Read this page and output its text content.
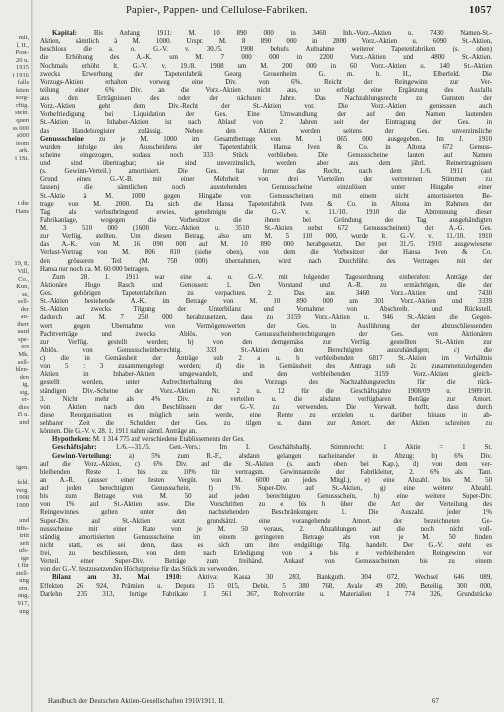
mit,
l, II.,
Post-
20 u.
1915
i 1916
falls
ktien
sorg-
rftig.
stein.
quen
ss 000
s000
ieom
ark.
t 1St.
t die
Hans
19, 8,
Vill,
Co.,
Kun,
se,
sell-
der
au-
ibert
uard
spe-
ers
Mk.
sell-
hlen-
den
ig,
sig,
er-
dies
i5 u.
und
igen.
feld.
verg.
1908
1909
und
tifts-
tritt
seit
ufs-
ige
t für
stell-
ung
ern.
ung,
917,
ung
Papier-, Pappen- und Cellulose-Fabriken.	1057
Kapital: Bis Anfang 1911: M. 10 890 000 in 3460 Inh.-Vorz.-Aktien u. 7430 Namen-St.-
Aktien, sämtlich à M. 1000. Urspr. M. 8 890 000 in 2800 Vorz.-Aktien u. 6090 St.-Aktien,
beschloss die a. o. G.-V. v. 30./5. 1908 behufs Aufnahme weiterer Tapetenfabriken (s. oben)
die Erhöhung des A.-K. um M. 7 000 000 in 2200 Vorz.-Aktien und 4800 St.-Aktien.
Nochmals erhöht lt. G.-V. v. 19./8. 1908 um M. 200 000 in 60 Vorz.-Aktien u. 140 St.-Aktien
zwecks Erwerbung der Tapetenfabrik Georg Grosenheim G. m. b. H., Elberfeld. Die
Vorzugs-Aktien erhalten vorweg eine Div. von 6%. Reicht der Reingewinn zur Ver-
teilung einer 6% Div. an die Vorz.-Aktien nicht aus, so erfolgt eine Ergänzung des Ausfalls
aus den Erträgnissen des oder der nächsten Jahre. Das Nachzahlungsrecht zu Gunsten der
Vorz.-Aktien geht dem Div.-Recht der St.-Aktien vor. Die Vorz.-Aktien geniessen auch
Vorbefriedigung bei Liquidation der Ges. Eine Umwandlung der auf den Namen lautenden
St.-Aktien in Inhaber-Aktien ist nach Ablauf von 2 Jahren seit der Eintragung der Ges. in
das Handelsregister zulässig. Neben den Aktien werden seitens der Ges. unverzinsliche
Genussscheine zu je M. 1000 im Gesamtbetrage von M. 1 065 000 ausgegeben. Im J. 1910
wurden infolge des Ausscheidens der Tapetenfabrik Hansa Iven & Co. in Altona 672 Genuss-
scheine eingezogen, sodass noch 333 Stück verblieben. Die Genussscheine lauten auf Namen
und sind übertragbar; sie sind unverzinslich, werden aber aus dem jährl. Reinertragnissen
(s. Gewinn-Verteil.) amortisiert. Die Ges. hat ferner das Recht, nach dem 1./6. 1911 (auf
Grund eines G.-V.-B. mit einer Mehrheit von drei Vierteilen der vertretenen Stimmen zu
fassen) die sämtlichen noch ausstehenden Genussscheine einzulösen unter Hingabe einer
St.-Aktie à M. 1000 gegen Hingabe von Genussscheinen mit einem nicht amortisierten Be-
trage von M. 2000. Da sich die Hansa Tapetenfabrik Iven & Co. in Altona im Rahmen der
Tag als verlustbringend erwies, genehmigte die G.-V. v. 11./10. 1910 die Abtrennung dieser
Fabrikanlage, wogegen die Vorbesitzer die ihnen bei Gründung der Tag ausgehändigten
M. 3 510 000 (1600 Vorz.-Aktien u. 3510 St.-Aktien nebst 672 Genussscheinen) der A.-G. Ges.
zur Verfüg. stellten. Um diesen Betrag, also um M. 5 110 000, wurde lt. G.-V. v. 11./10. 1910
das A.-K. von M. 16 090 000 auf M. 10 890 000 herabgesetzt. Der per 31./5. 1910 ausgewiesene
Verlust-Vortrag von M. 806 810 (siehe oben), von dem die Vorbesitzer der Hansa Iven & Co.
den grösseren Teil (M. 750 000) übernahmen, wird nach Durchführ. des Vertrages mit der
Hansa nur noch ca. M. 60 000 betragen.
Zum 28. 1. 1911 war eine a. o. G.-V. mit folgender Tagesordnung einberufen: Anträge der
Aktionäre Hugo Rasch und Genossen: 1. Den Vorstand und A.-R. zu ermächtigen, die der
Ges. gehörigen Tapetenfabriken zu verpachten. 2. Das aus 3460 Vorz.-Aktien und 7430
St.-Aktien bestehende A.-K. im Betrage von M. 10 890 000 um 301 Vorz.-Aktien und 3339
St.-Aktien zwecks Tilgung der Unterbilanz und Vornahme von Abschreib. und Rückstell.
dadurch auf M. 7 250 000 herabzusetzen, dass zu 3159 Vorz.-Aktien u. 946 St.-Aktien die Gegen-
wert gegen Übernahme von Vermögenswerten der Ges. in Ausführung der abzuschliessenden
Pachtverträge und zwecks Ablös. von Genussscheinberechtigungen der Ges. von Aktionären
zur Verfüg. gestellt werden; b) von den demgemäss zur Verfüg. gestellten St.-Aktien zur
Ablös. von Genussscheinberechtig. 333 St.-Aktien den Berechtigten auszuhändigen; c) die
c) die in Gemässheit der Anträge sub 2 a u. b verbleibenden 6817 St.-Aktien im Verhältnis
von 5 : 3 zusammengelegt werden; d) die in Gemässheit des Antrags sub 2c zusammenzulegenden
Aktien in Inhaber-Aktien umgewandelt, und den verbleibenden 3159 Vorz.-Aktien gleich-
gestellt werden, unter Aufrechterhaltung des Vorzugs des Nachzahlungsrechts für die rück-
ständigen Div.-Scheine der Vorz.-Aktien Nr. 2 u. 12 für die Geschäftsjahre 1908/09 u. 1909/10.
3. Nicht mehr als 4% Div. zu verteilen u. die alsdann verfügbaren Beträge zur Amort.
von Aktien nach den Beschlüssen der G.-V. zu verwenden. Die Verwalt. hofft, dass durch
diese Reorganisation es möglich sein werde, eine Rente zu erzielen u. darüber hinaus in ab-
sehbarer Zeit die Schulden der Ges. zu tilgen u. dann zur Amort. der Aktien schreiten zu
können. Die G.-V. v. 28. 1. 1911 nahm sämtl. Anträge an.
Hypotheken: M. 1 314 775 auf verschiedene Etablissements der Ges.
Geschäftsjahr: 1./6.—31./5. Gen.-Vers.: Im I. Geschäftshalbj. Stimmrecht: 1 Aktie = 1 St.
Gewinn-Verteilung: a) 5% zum R.-F., alsdann gelangen nacheinander in Abzug: b) 6% Div.
auf die Vorz.-Aktien, c) 6% Div. auf die St.-Aktien (s. auch oben bei Kap.), d) von dem ver-
bleibenden Reste 1. bis zu 10% für vertragsm. Gewinnanteile der Fabrikleiter, 2. 6% als Tant.
an A.-R. (ausser einer festen Vergüt. von M. 6000 an jedes Mitgl.), e) eine Abzahl. bis M. 50
auf jeden berechtigten Genussschein, f) 1% Super-Div. auf St.-Aktien, g) eine weitere Abzahl.
bis zum Betrage von M. 50 auf jeden berechtigten Genussschein, h) eine weitere Super-Div.
von 1% auf St.-Aktien usw. Die Vorschriften zu e bis h über die Art der Verteilung des
Reingewinnes gelten unter den nachstehenden Beschränkungen: 1. Die Auszahl. jeder 1%
Super-Div. auf St.-Aktien setzt grundsätzl. eine vorangehende Amort. der bezeichneten Ge-
nussscheine mit einer Rate von je M. 50 voraus, 2. Abzahlungen auf die noch nicht voll-
ständig amortisierten Genussscheine im einem geringeren Betrage als von je M. 50 finden
nicht statt, es sei denn, dass es sich um ihre endgültige Tilg. handelt. Der G.-V. steht es
frei, zu beschliessen, von dem nach Erledigung von a bis e verbleibenden Reingewinn vor
Verteil. einer Super-Div. Beträge zum freihänd. Ankauf von Genussscheinen bis zu einem
von der G.-V. festzusetzenden Höchstpreise für das Stück zu verwenden.
Bilanz am 31. Mai 1910: Aktiva: Kassa 30 283, Bankguth. 304 072, Wechsel 646 089,
Effekten 26 924, Prämien u. Depots 15 015, Debit. 5 380 768, Avale 49 200, Beteilig. 300 000,
Darlehn 235 313, fertige Fabrikate 1 561 367, Rohvorräte u. Materialien 1 774 326, Grundstücke
Handbuch der Deutschen Aktien-Gesellschaften 1910/1911. II.	67
